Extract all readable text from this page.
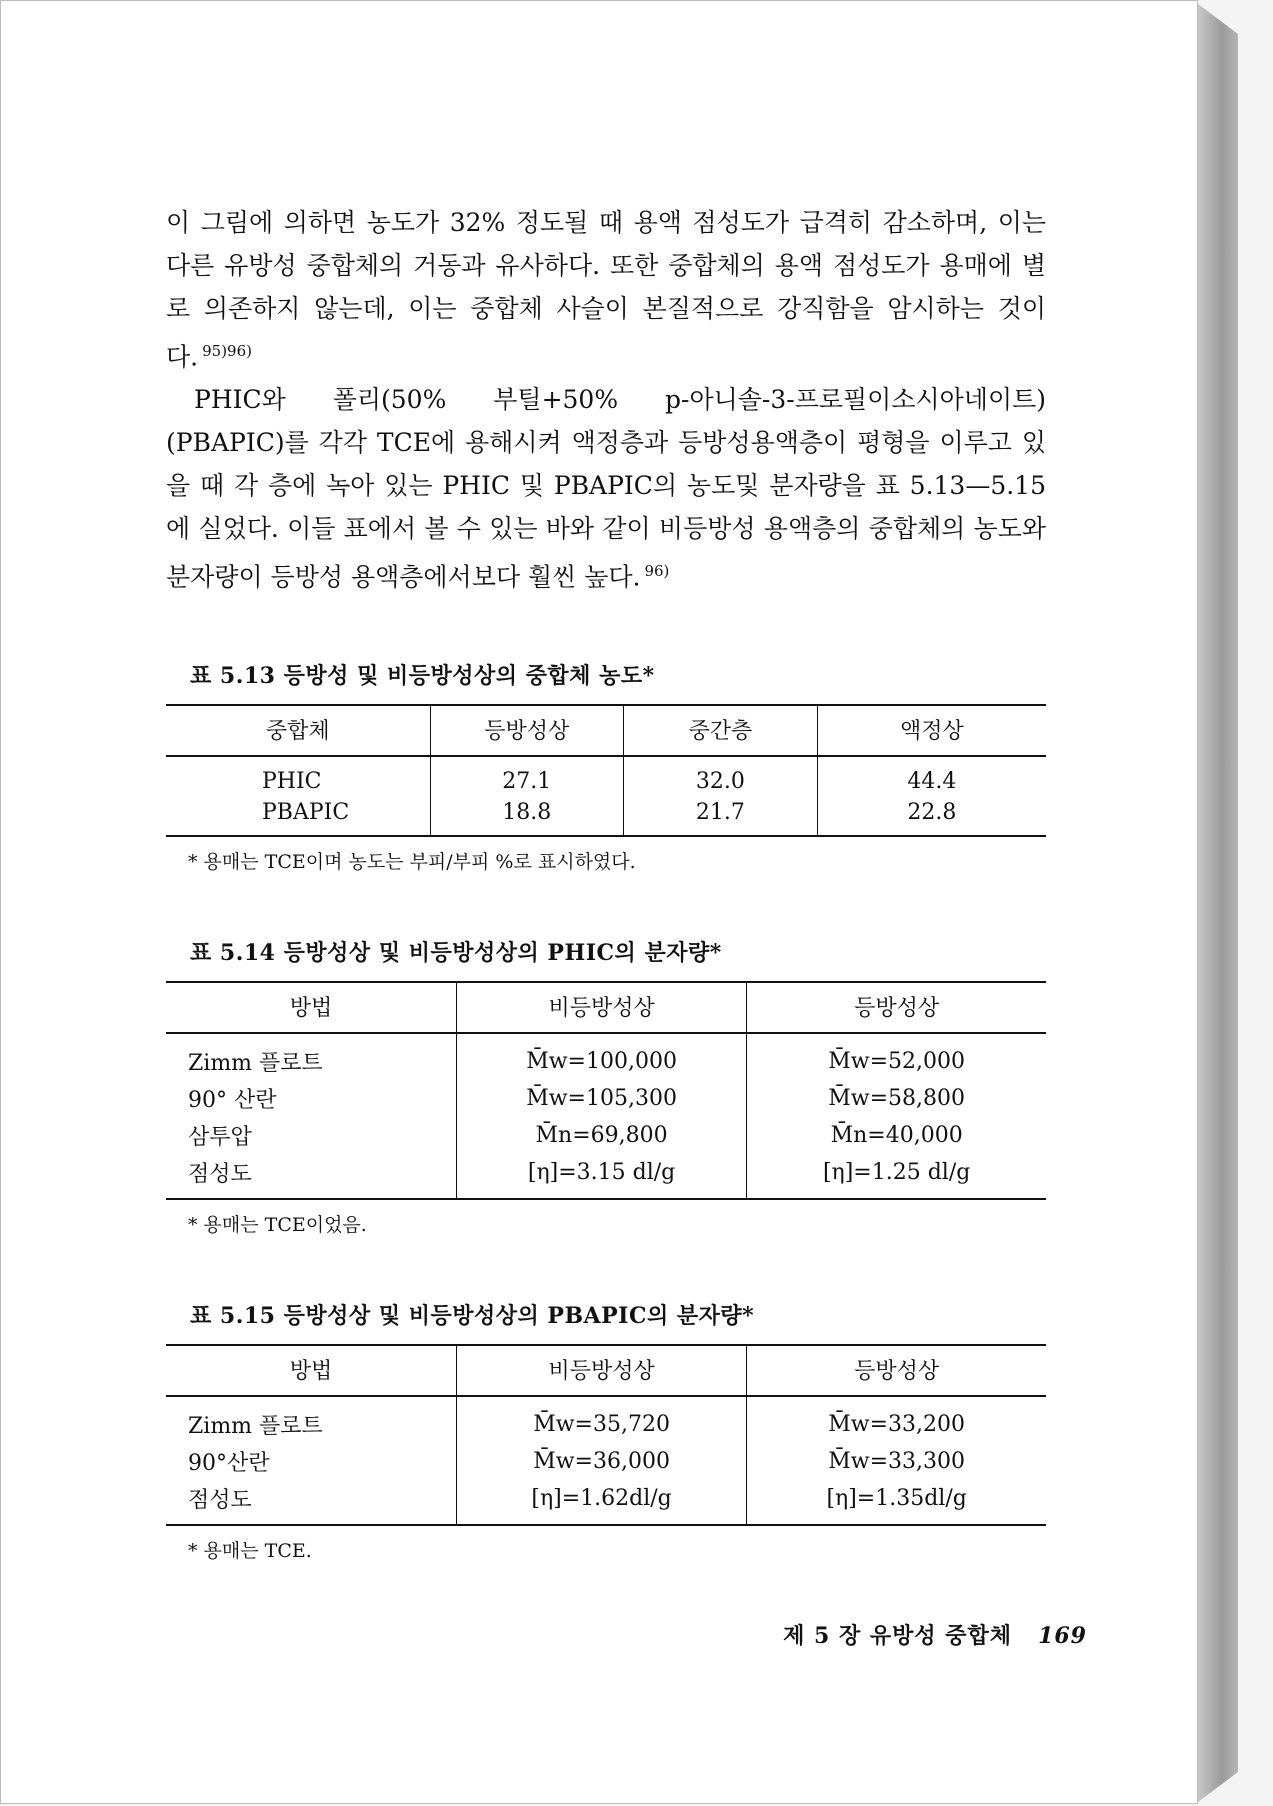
이 그림에 의하면 농도가 32% 정도될 때 용액 점성도가 급격히 감소하며, 이는 다른 유방성 중합체의 거동과 유사하다. 또한 중합체의 용액 점성도가 용매에 별로 의존하지 않는데, 이는 중합체 사슬이 본질적으로 강직함을 암시하는 것이다. $^{95)96)}$

PHIC와 폴리(50% 부틸+50% p-아니솔-3-프로필이소시아네이트)(PBAPIC)를 각각 TCE에 용해시켜 액정층과 등방성용액층이 평형을 이루고 있을 때 각 층에 녹아 있는 PHIC 및 PBAPIC의 농도및 분자량을 표 5.13—5.15에 실었다. 이들 표에서 볼 수 있는 바와 같이 비등방성 용액층의 중합체의 농도와 분자량이 등방성 용액층에서보다 훨씬 높다. $^{96)}$

표 5.13 등방성 및 비등방성상의 중합체 농도*

중합체	등방성상	중간층	액정상
PHIC	27.1	32.0	44.4
PBAPIC	18.8	21.7	22.8

* 용매는 TCE이며 농도는 부피/부피 %로 표시하였다.

표 5.14 등방성상 및 비등방성상의 PHIC의 분자량*

방법	비등방성상	등방성상
Zimm 플로트	M̄w=100,000	M̄w=52,000
90° 산란	M̄w=105,300	M̄w=58,800
삼투압	M̄n=69,800	M̄n=40,000
점성도	[η]=3.15 dl/g	[η]=1.25 dl/g

* 용매는 TCE이었음.

표 5.15 등방성상 및 비등방성상의 PBAPIC의 분자량*

방법	비등방성상	등방성상
Zimm 플로트	M̄w=35,720	M̄w=33,200
90°산란	M̄w=36,000	M̄w=33,300
점성도	[η]=1.62dl/g	[η]=1.35dl/g

* 용매는 TCE.

제 5 장 유방성 중합체 169
